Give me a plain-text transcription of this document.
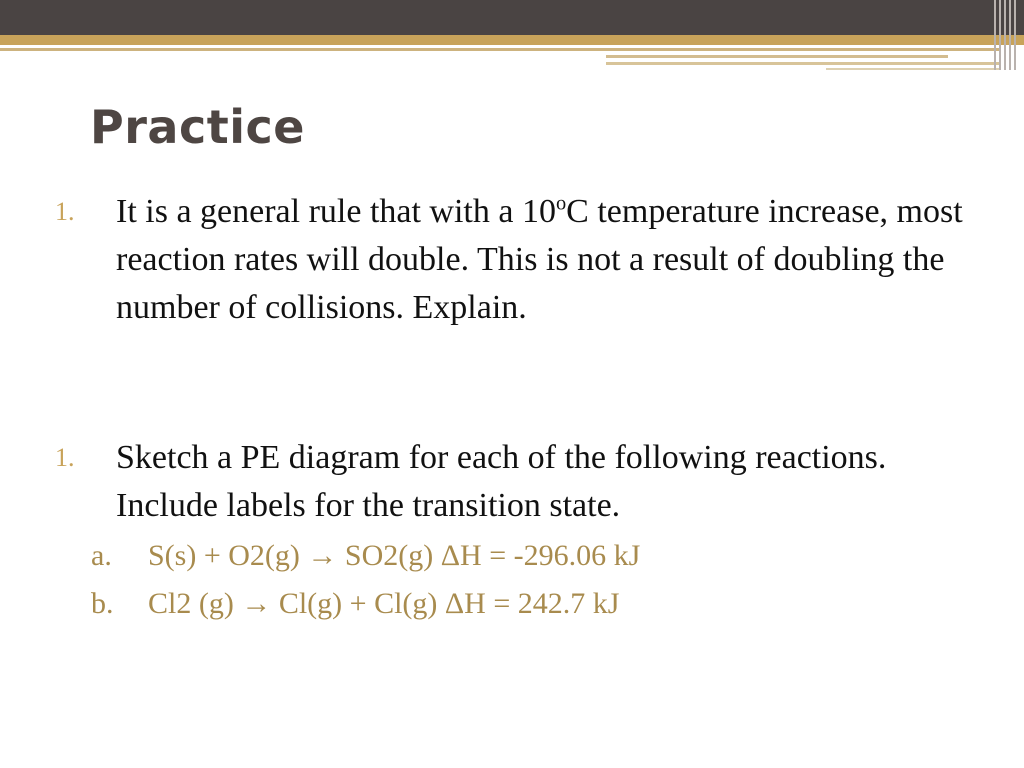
Practice
1. It is a general rule that with a 10$^o$C temperature increase, most reaction rates will double. This is not a result of doubling the number of collisions. Explain.
1. Sketch a PE diagram for each of the following reactions. Include labels for the transition state.
a. S(s) + O2(g) → SO2(g) ΔH = -296.06 kJ
b. Cl2 (g) → Cl(g) + Cl(g) ΔH = 242.7 kJ
